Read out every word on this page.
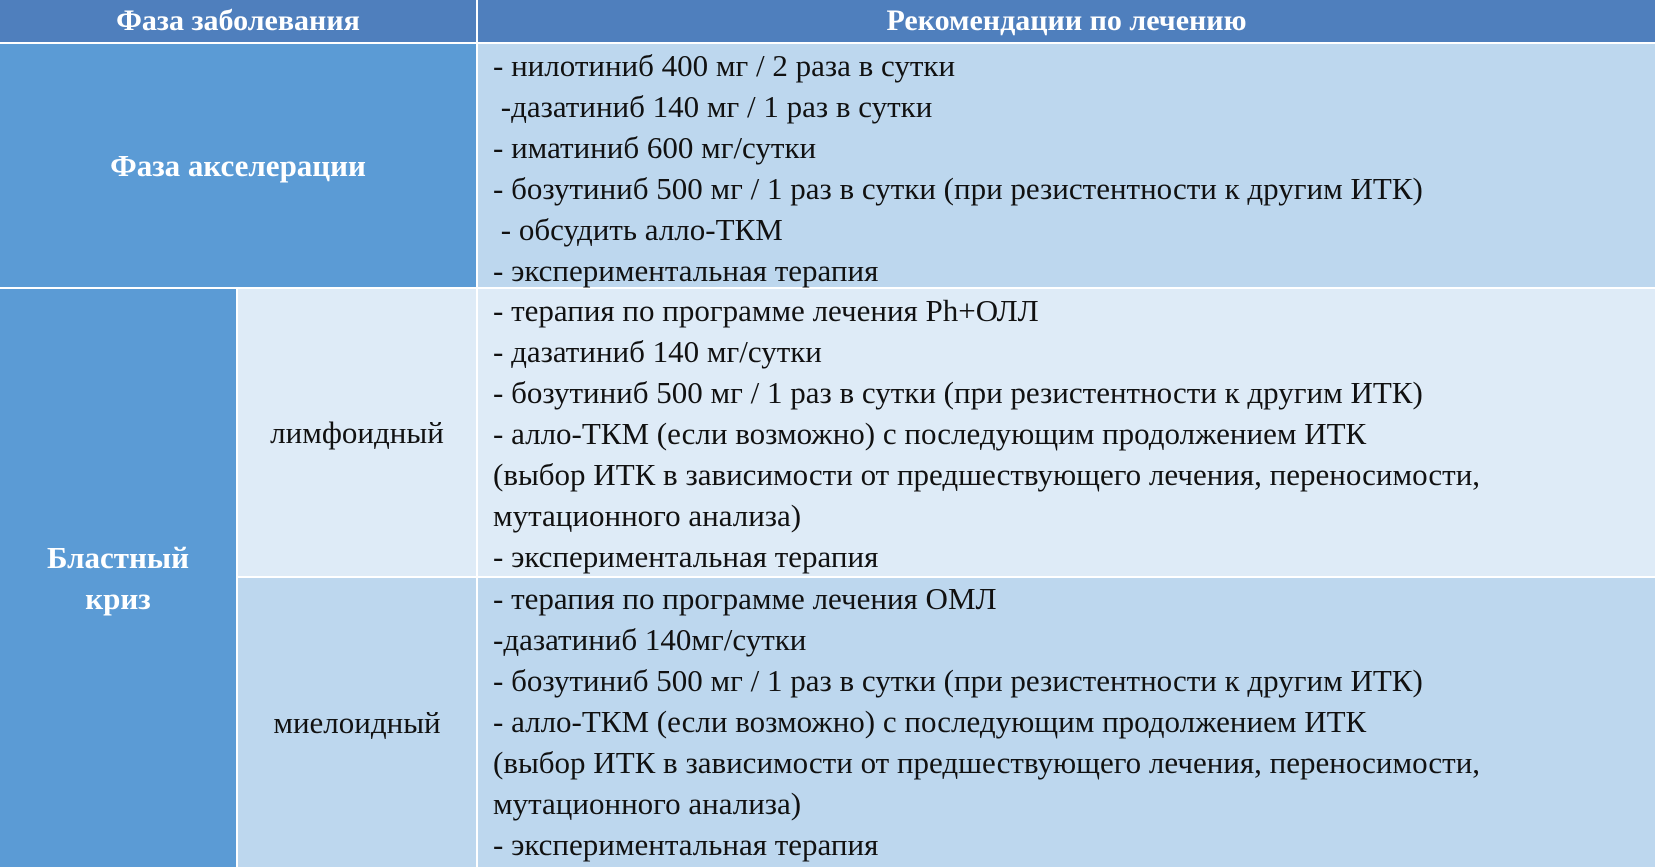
Фаза заболевания	Рекомендации по лечению
Фаза акселерации
- нилотиниб 400 мг / 2 раза в сутки
-дазатиниб 140 мг / 1 раз в сутки
- иматиниб 600 мг/сутки
- бозутиниб 500 мг / 1 раз в сутки (при резистентности к другим ИТК)
- обсудить алло-ТКМ
- экспериментальная терапия
Бластный криз
лимфоидный
- терапия по программе лечения Ph+ОЛЛ
- дазатиниб 140 мг/сутки
- бозутиниб 500 мг / 1 раз в сутки (при резистентности к другим ИТК)
- алло-ТКМ (если возможно) с последующим продолжением ИТК
(выбор ИТК в зависимости от предшествующего лечения, переносимости,
мутационного анализа)
- экспериментальная терапия
миелоидный
- терапия по программе лечения ОМЛ
-дазатиниб 140мг/сутки
- бозутиниб 500 мг / 1 раз в сутки (при резистентности к другим ИТК)
- алло-ТКМ (если возможно) с последующим продолжением ИТК
(выбор ИТК в зависимости от предшествующего лечения, переносимости,
мутационного анализа)
- экспериментальная терапия
